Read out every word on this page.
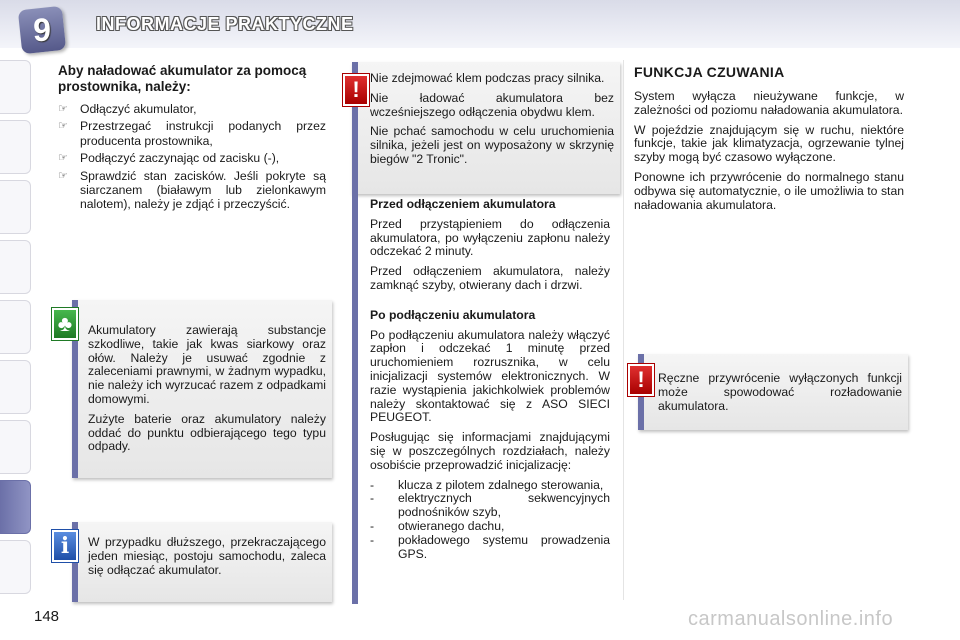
9	INFORMACJE PRAKTYCZNE
Aby naładować akumulator za pomocą prostownika, należy:
☞ Odłączyć akumulator,
☞ Przestrzegać instrukcji podanych przez producenta prostownika,
☞ Podłączyć zaczynając od zacisku (-),
☞ Sprawdzić stan zacisków. Jeśli pokryte są siarczanem (białawym lub zielonkawym nalotem), należy je zdjąć i przeczyścić.

Akumulatory zawierają substancje szkodliwe, takie jak kwas siarkowy oraz ołów. Należy je usuwać zgodnie z zaleceniami prawnymi, w żadnym wypadku, nie należy ich wyrzucać razem z odpadkami domowymi.

Zużyte baterie oraz akumulatory należy oddać do punktu odbierającego tego typu odpady.

♣
W przypadku dłuższego, przekraczającego jeden miesiąc, postoju samochodu, zaleca się odłączać akumulator.
i

Nie zdejmować klem podczas pracy silnika.

Nie ładować akumulatora bez wcześniejszego odłączenia obydwu klem.

Nie pchać samochodu w celu uruchomienia silnika, jeżeli jest on wyposażony w skrzynię biegów "2 Tronic".

!
Przed odłączeniem akumulatora

Przed przystąpieniem do odłączenia akumulatora, po wyłączeniu zapłonu należy odczekać 2 minuty.

Przed odłączeniem akumulatora, należy zamknąć szyby, otwierany dach i drzwi.

Po podłączeniu akumulatora

Po podłączeniu akumulatora należy włączyć zapłon i odczekać 1 minutę przed uruchomieniem rozrusznika, w celu inicjalizacji systemów elektronicznych. W razie wystąpienia jakichkolwiek problemów należy skontaktować się z ASO SIECI PEUGEOT.

Posługując się informacjami znajdującymi się w poszczególnych rozdziałach, należy osobiście przeprowadzić inicjalizację:

- klucza z pilotem zdalnego sterowania,
- elektrycznych sekwencyjnych podnośników szyb,
- otwieranego dachu,
- pokładowego systemu prowadzenia GPS.
FUNKCJA CZUWANIA

System wyłącza nieużywane funkcje, w zależności od poziomu naładowania akumulatora.

W pojeździe znajdującym się w ruchu, niektóre funkcje, takie jak klimatyzacja, ogrzewanie tylnej szyby mogą być czasowo wyłączone.

Ponowne ich przywrócenie do normalnego stanu odbywa się automatycznie, o ile umożliwia to stan naładowania akumulatora.

Ręczne przywrócenie wyłączonych funkcji może spowodować rozładowanie akumulatora.
!
148	carmanualsonline.info
